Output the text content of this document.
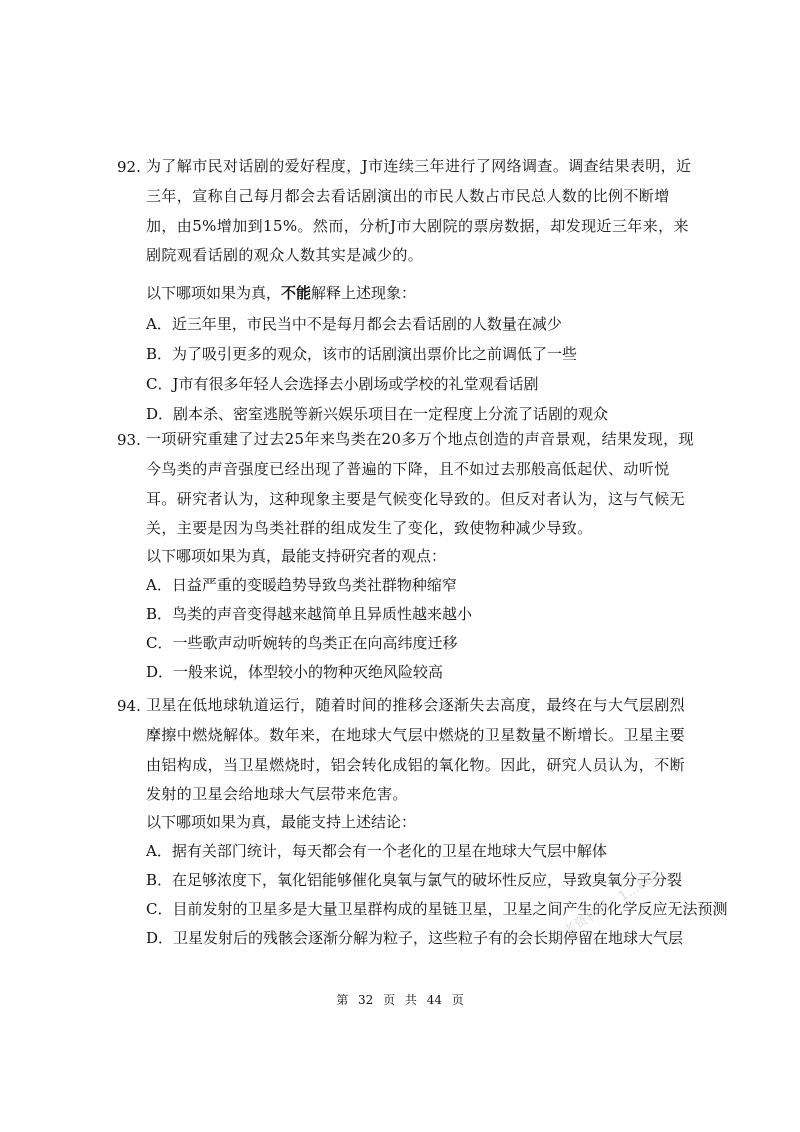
92. 为了解市民对话剧的爱好程度，J市连续三年进行了网络调查。调查结果表明，近三年，宣称自己每月都会去看话剧演出的市民人数占市民总人数的比例不断增加，由5%增加到15%。然而，分析J市大剧院的票房数据，却发现近三年来，来剧院观看话剧的观众人数其实是减少的。
以下哪项如果为真，不能解释上述现象：
A．近三年里，市民当中不是每月都会去看话剧的人数量在减少
B．为了吸引更多的观众，该市的话剧演出票价比之前调低了一些
C．J市有很多年轻人会选择去小剧场或学校的礼堂观看话剧
D．剧本杀、密室逃脱等新兴娱乐项目在一定程度上分流了话剧的观众
93. 一项研究重建了过去25年来鸟类在20多万个地点创造的声音景观，结果发现，现今鸟类的声音强度已经出现了普遍的下降，且不如过去那般高低起伏、动听悦耳。研究者认为，这种现象主要是气候变化导致的。但反对者认为，这与气候无关，主要是因为鸟类社群的组成发生了变化，致使物种减少导致。
以下哪项如果为真，最能支持研究者的观点：
A．日益严重的变暖趋势导致鸟类社群物种缩窄
B．鸟类的声音变得越来越简单且异质性越来越小
C．一些歌声动听婉转的鸟类正在向高纬度迁移
D．一般来说，体型较小的物种灭绝风险较高
94. 卫星在低地球轨道运行，随着时间的推移会逐渐失去高度，最终在与大气层剧烈摩擦中燃烧解体。数年来，在地球大气层中燃烧的卫星数量不断增长。卫星主要由铝构成，当卫星燃烧时，铝会转化成铝的氧化物。因此，研究人员认为，不断发射的卫星会给地球大气层带来危害。
以下哪项如果为真，最能支持上述结论：
A．据有关部门统计，每天都会有一个老化的卫星在地球大气层中解体
B．在足够浓度下，氧化铝能够催化臭氧与氯气的破坏性反应，导致臭氧分子分裂
C．目前发射的卫星多是大量卫星群构成的星链卫星，卫星之间产生的化学反应无法预测
D．卫星发射后的残骸会逐渐分解为粒子，这些粒子有的会长期停留在地球大气层
第 32 页 共 44 页
公考资料群：1…862
